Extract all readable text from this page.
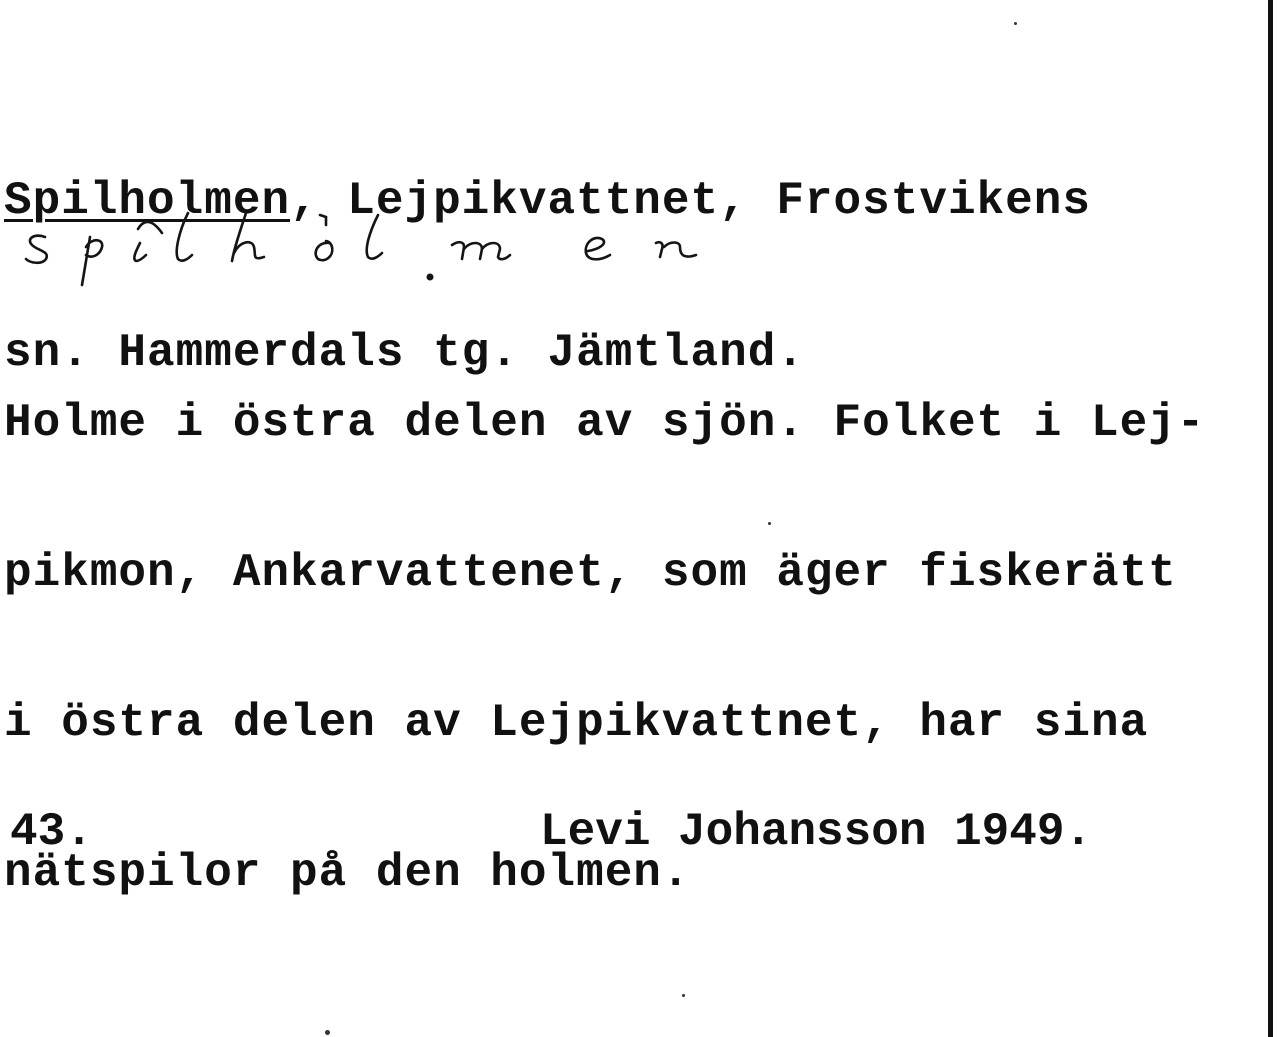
Spilholmen, Lejpikvattnet, Frostvikens

sn. Hammerdals tg. Jämtland.

Holme i östra delen av sjön. Folket i Lej-

pikmon, Ankarvattenet, som äger fiskerätt

i östra delen av Lejpikvattnet, har sina

nätspilor på den holmen.

43.	Levi Johansson 1949.
